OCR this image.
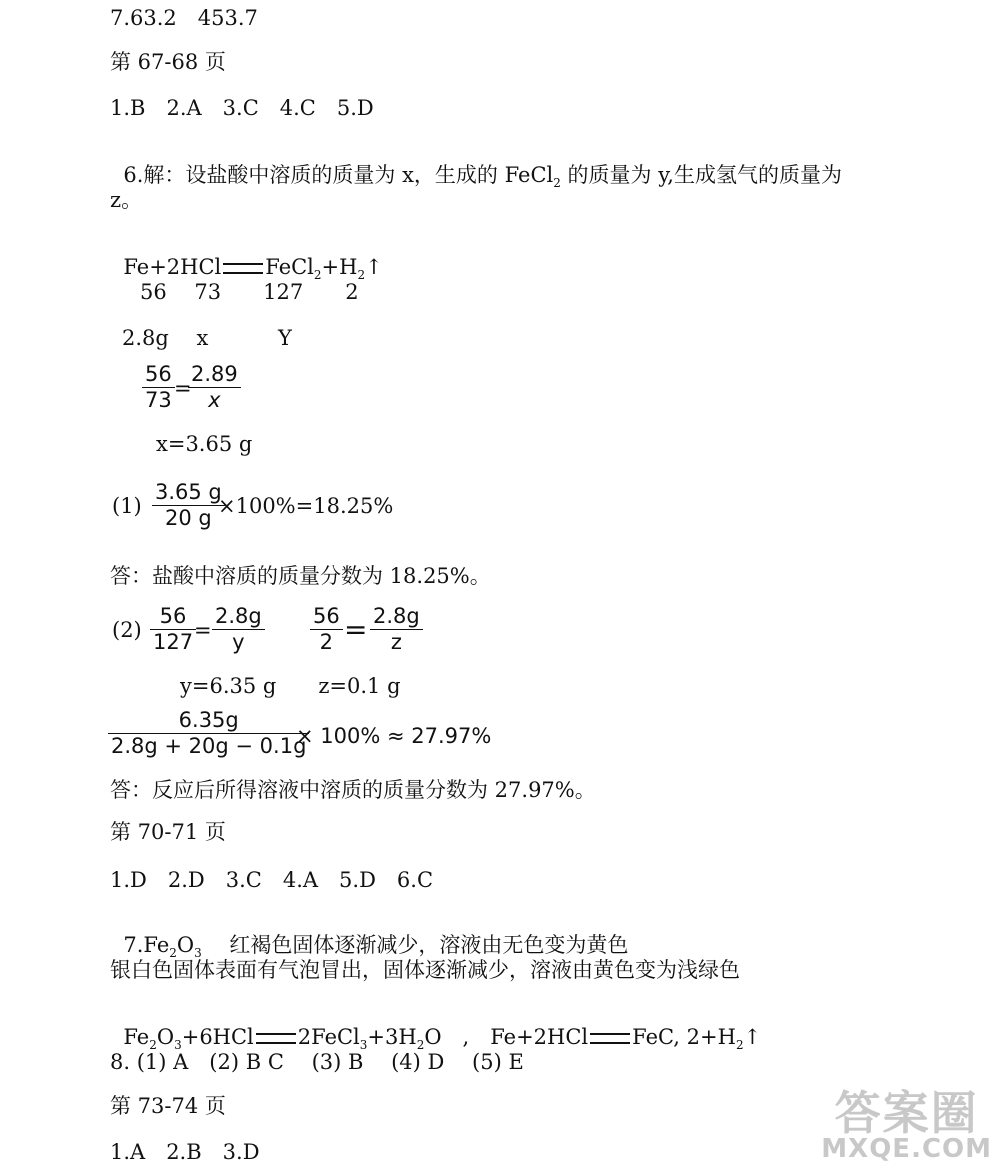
7.63.2　453.7
第 67-68 页
1.B　2.A　3.C　4.C　5.D

6.解：设盐酸中溶质的质量为 x，生成的 FeCl$_2$ 的质量为 y,生成氢气的质量为

z。

Fe+2HCl $FeCl_2+H_2↑$

56　 73　　127　　2
2.8g　 x　　　 Y
$\frac{56}{73}$ =
$\frac{2.89}{x}$
x=3.65 g
$(1) \frac{3.65 g}{20 g}$
×100%=18.25%
答：盐酸中溶质的质量分数为 18.25%。
$(2) \frac{56}{127}$
= $\frac{2.8g}{y} \frac{56}{2} = \frac{2.8g}{z}$
y=6.35 g　　z=0.1 g
$\frac{6.35g}{2.8g + 20g - 0.1g}$
× 100% ≈ 27.97%
答：反应后所得溶液中溶质的质量分数为 27.97%。
第 70-71 页
1.D　2.D　3.C　4.A　5.D　6.C

$7.Fe_2O_3$　 红褐色固体逐渐减少，溶液由无色变为黄色

银白色固体表面有气泡冒出，固体逐渐减少，溶液由黄色变为浅绿色

$Fe_2O_3+6HCl$ $2FeCl_3+3H_2O$　,　Fe+2HCl FeC, $2+H_2↑$

8. (1) A　(2) B C　 (3) B　 (4) D　 (5) E
第 73-74 页
1.A　2.B　3.D
答案圈
MXQE.COM
